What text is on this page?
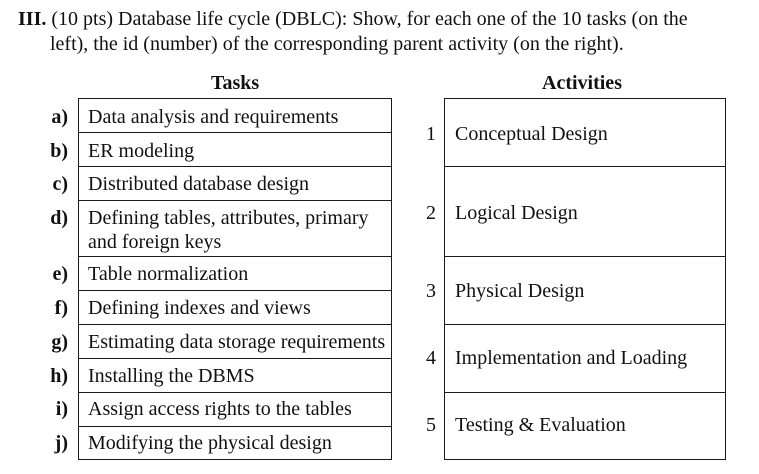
III. (10 pts) Database life cycle (DBLC): Show, for each one of the 10 tasks (on the
left), the id (number) of the corresponding parent activity (on the right).
Tasks	Activities
a) Data analysis and requirements
b) ER modeling
c) Distributed database design
d) Defining tables, attributes, primary
and foreign keys
e) Table normalization
f) Defining indexes and views
g) Estimating data storage requirements
h) Installing the DBMS
i) Assign access rights to the tables
j) Modifying the physical design
1 Conceptual Design
2 Logical Design
3 Physical Design
4 Implementation and Loading
5 Testing & Evaluation
